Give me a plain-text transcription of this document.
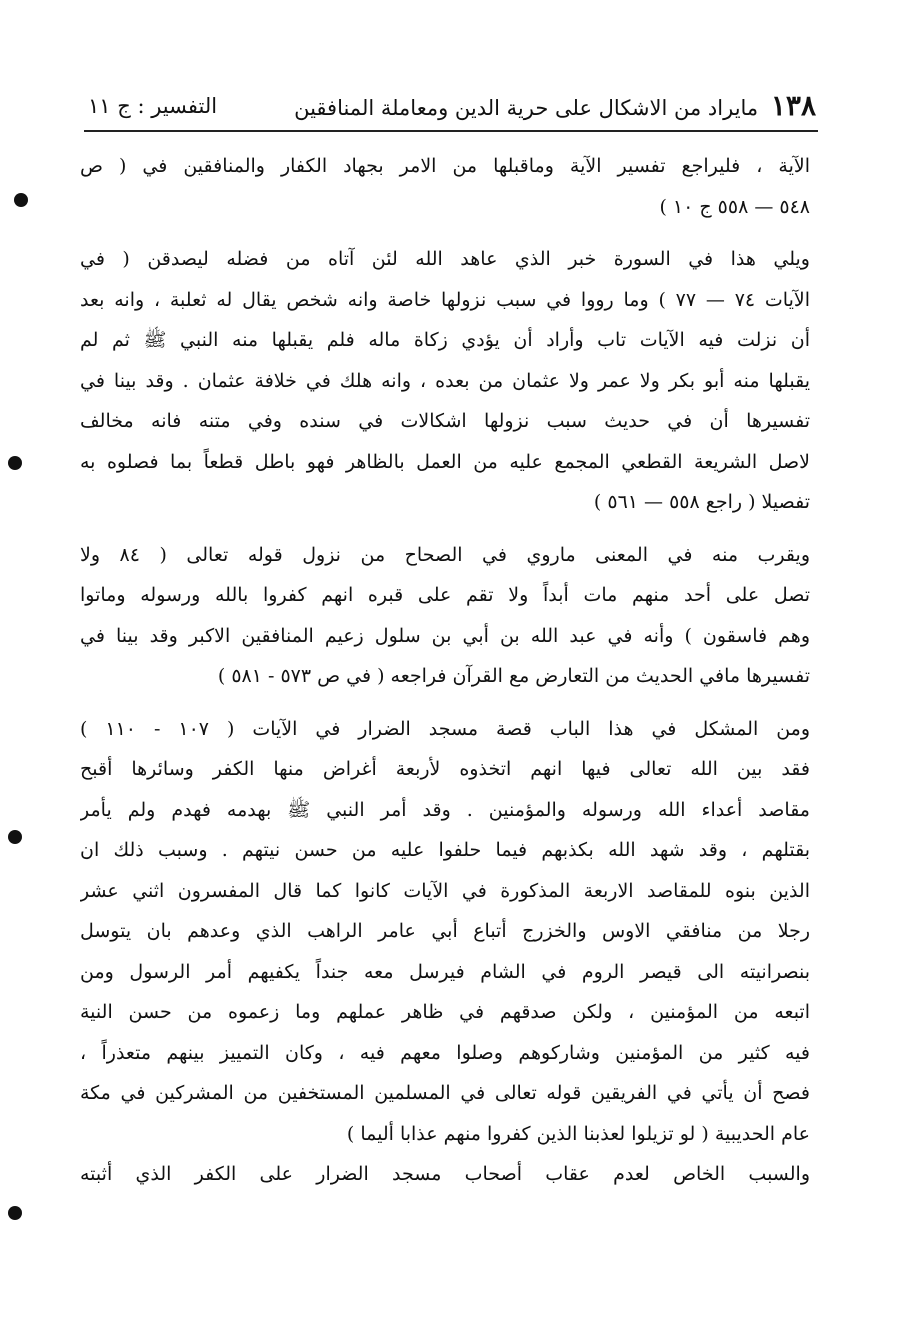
١٣٨ مايراد من الاشكال على حرية الدين ومعاملة المنافقين
التفسير : ج ١١
الآية ، فليراجع تفسير الآية وماقبلها من الامر بجهاد الكفار والمنافقين في ( ص
٥٤٨ — ٥٥٨ ج ١٠ )
ويلي هذا في السورة خبر الذي عاهد الله لئن آتاه من فضله ليصدقن ( في
الآيات ٧٤ — ٧٧ ) وما رووا في سبب نزولها خاصة وانه شخص يقال له ثعلبة ، وانه بعد
أن نزلت فيه الآيات تاب وأراد أن يؤدي زكاة ماله فلم يقبلها منه النبي ﷺ ثم لم
يقبلها منه أبو بكر ولا عمر ولا عثمان من بعده ، وانه هلك في خلافة عثمان . وقد بينا في
تفسيرها أن في حديث سبب نزولها اشكالات في سنده وفي متنه فانه مخالف
لاصل الشريعة القطعي المجمع عليه من العمل بالظاهر فهو باطل قطعاً بما فصلوه به
تفصيلا ( راجع ٥٥٨ — ٥٦١ )
ويقرب منه في المعنى ماروي في الصحاح من نزول قوله تعالى ( ٨٤ ولا
تصل على أحد منهم مات أبداً ولا تقم على قبره انهم كفروا بالله ورسوله وماتوا
وهم فاسقون ) وأنه في عبد الله بن أبي بن سلول زعيم المنافقين الاكبر وقد بينا في
تفسيرها مافي الحديث من التعارض مع القرآن فراجعه ( في ص ٥٧٣ - ٥٨١ )
ومن المشكل في هذا الباب قصة مسجد الضرار في الآيات ( ١٠٧ - ١١٠ )
فقد بين الله تعالى فيها انهم اتخذوه لأربعة أغراض منها الكفر وسائرها أقبح
مقاصد أعداء الله ورسوله والمؤمنين . وقد أمر النبي ﷺ بهدمه فهدم ولم يأمر
بقتلهم ، وقد شهد الله بكذبهم فيما حلفوا عليه من حسن نيتهم . وسبب ذلك ان
الذين بنوه للمقاصد الاربعة المذكورة في الآيات كانوا كما قال المفسرون اثني عشر
رجلا من منافقي الاوس والخزرج أتباع أبي عامر الراهب الذي وعدهم بان يتوسل
بنصرانيته الى قيصر الروم في الشام فيرسل معه جنداً يكفيهم أمر الرسول ومن
اتبعه من المؤمنين ، ولكن صدقهم في ظاهر عملهم وما زعموه من حسن النية
فيه كثير من المؤمنين وشاركوهم وصلوا معهم فيه ، وكان التمييز بينهم متعذراً ،
فصح أن يأتي في الفريقين قوله تعالى في المسلمين المستخفين من المشركين في مكة
عام الحديبية ( لو تزيلوا لعذبنا الذين كفروا منهم عذابا أليما )
والسبب الخاص لعدم عقاب أصحاب مسجد الضرار على الكفر الذي أثبته
